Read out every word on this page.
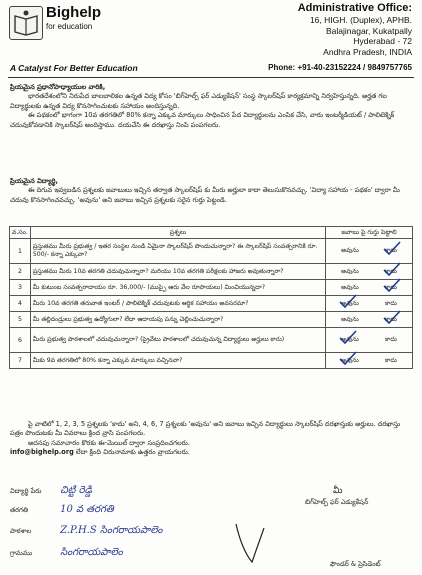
Bighelp
for education
A Catalyst For Better Education
Administrative Office:
16, HIGH. (Duplex), APHB.
Balajinagar, Kukatpally
Hyderabad - 72
Andhra Pradesh, INDIA
Phone: +91-40-23152224 / 9849757765
ప్రియమైన ప్రధానోపాధ్యాయుల వారికి,
భారతదేశంలోని నిరుపేద బాలబాలికల ఉన్నత విద్య కోసం 'బిగ్‌హెల్ప్ ఫర్ ఎడ్యుకేషన్' సంస్థ స్కాలర్‌షిప్ కార్యక్రమాన్ని నిర్వహిస్తున్నది. అర్హత గల విద్యార్థులకు ఉన్నత విద్య కొనసాగించుటకు సహాయం అందిస్తున్నది.
ఈ పథకంలో భాగంగా 10వ తరగతిలో 80% కన్నా ఎక్కువ మార్కులు సాధించిన పేద విద్యార్థులను ఎంపిక చేసి, వారు ఇంటర్మీడియట్ / పాలిటెక్నిక్ చదువుకోవడానికి స్కాలర్‌షిప్ అందిస్తాము. దయచేసి ఈ దరఖాస్తు నింపి పంపగలరు.
ప్రియమైన విద్యార్థి,
ఈ దిగువ ఇవ్వబడిన ప్రశ్నలకు జవాబులు ఇచ్చిన తర్వాత స్కాలర్‌షిప్ కు మీరు అర్హులా కాదా తెలుసుకొనవచ్చు. 'విద్యా సహాయ - పథకం' ద్వారా మీ చదువు కొనసాగించవచ్చు. 'అవును' అని జవాబు ఇచ్చిన ప్రశ్నలకు సరైన గుర్తు పెట్టండి.
వ.సం.	ప్రశ్నలు	జవాబు పై గుర్తు పెట్టాలి
1	ప్రస్తుతము మీరు ప్రభుత్వ / ఇతర సంస్థల నుండి ఏమైనా స్కాలర్‌షిప్ పొందుచున్నారా? ఈ స్కాలర్‌షిప్ సంవత్సరానికి రూ. 500/- కన్నా ఎక్కువా?	అవును కాదు

2	ప్రస్తుతము మీరు 10వ తరగతి చదువుచున్నారా? మరియు 10వ తరగతి పరీక్షలకు హాజరు అవుతున్నారా?	అవును కాదు

3	మీ కుటుంబ సంవత్సరాదాయం రూ. 36,000/- (ముప్పై ఆరు వేల రూపాయలు) మించియున్నదా?	అవును కాదు

4	మీరు 10వ తరగతి తరువాత ఇంటర్ / పాలిటెక్నిక్ చదువుటకు ఆర్థిక సహాయం అవసరమా?	అవును కాదు

5	మీ తల్లిదండ్రులు ప్రభుత్వ ఉద్యోగులా? లేదా ఆదాయపు పన్ను చెల్లించుచున్నారా?	అవును కాదు

6	మీరు ప్రభుత్వ పాఠశాలలో చదువుచున్నారా? (ప్రైవేటు పాఠశాలలో చదువుచున్న విద్యార్థులు అర్హులు కారు)	అవును కాదు

7	మీకు 9వ తరగతిలో 80% కన్నా ఎక్కువ మార్కులు వచ్చినవా?	అవును కాదు
పై వాటిలో 1, 2, 3, 5 ప్రశ్నలకు 'కాదు' అని, 4, 6, 7 ప్రశ్నలకు 'అవును' అని జవాబు ఇచ్చిన విద్యార్థులు స్కాలర్‌షిప్ దరఖాస్తుకు అర్హులు. దరఖాస్తు పత్రం పొందుటకు మీ వివరాలు క్రింద వ్రాసి పంపగలరు.
అదనపు సమాచారం కొరకు ఈ-మెయిల్ ద్వారా సంప్రదించగలరు.
info@bighelp.org లేదా క్రింది చిరునామాకు ఉత్తరం వ్రాయగలరు.
విద్యార్థి పేరు చిట్టి రెడ్డి
తరగతి	10 వ తరగతి
పాఠశాల	Z.P.H.S సింగరాయపాలెం
గ్రామము	సింగరాయపాలెం
మీ
బిగ్‌హెల్ప్ ఫర్ ఎడ్యుకేషన్
ఫౌండర్ & ప్రెసిడెంట్
